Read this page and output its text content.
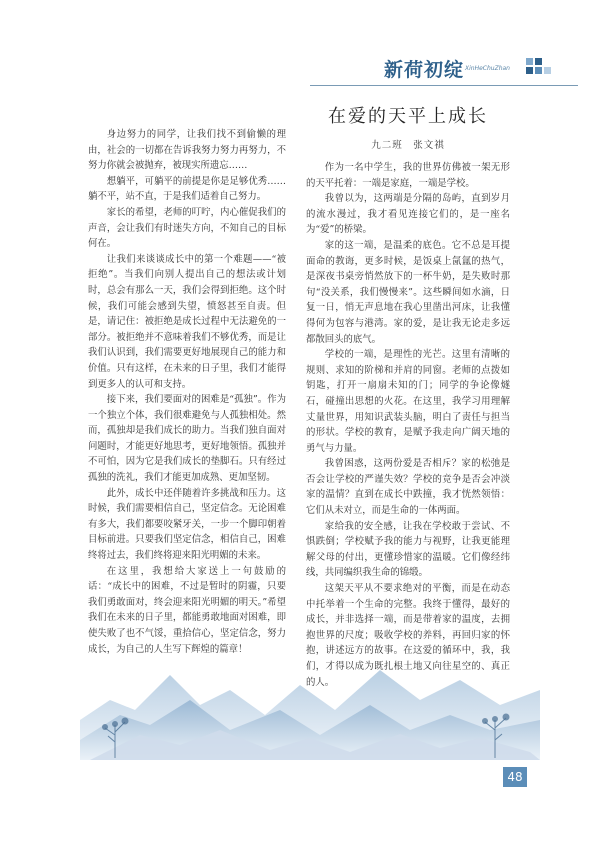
新荷初绽 XinHeChuZhan

身边努力的同学，让我们找不到偷懒的理由，社会的一切都在告诉我努力努力再努力，不努力你就会被抛弃，被现实所遗忘……

想躺平，可躺平的前提是你是足够优秀……躺不平，站不直，于是我们适着自己努力。

家长的希望，老师的叮咛，内心催促我们的声音，会让我们有时迷失方向，不知自己的目标何在。

让我们来谈谈成长中的第一个难题——“被拒绝”。当我们向别人提出自己的想法或计划时，总会有那么一天，我们会得到拒绝。这个时候，我们可能会感到失望，愤怒甚至自责。但是，请记住：被拒绝是成长过程中无法避免的一部分。被拒绝并不意味着我们不够优秀，而是让我们认识到，我们需要更好地展现自己的能力和价值。只有这样，在未来的日子里，我们才能得到更多人的认可和支持。

接下来，我们要面对的困难是“孤独”。作为一个独立个体，我们很难避免与人孤独相处。然而，孤独却是我们成长的助力。当我们独自面对问题时，才能更好地思考，更好地领悟。孤独并不可怕，因为它是我们成长的垫脚石。只有经过孤独的洗礼，我们才能更加成熟、更加坚韧。

此外，成长中还伴随着许多挑战和压力。这时候，我们需要相信自己，坚定信念。无论困难有多大，我们都要咬紧牙关，一步一个脚印朝着目标前进。只要我们坚定信念，相信自己，困难终将过去，我们终将迎来阳光明媚的未来。

在这里，我想给大家送上一句鼓励的话：“成长中的困难，不过是暂时的阴霾，只要我们勇敢面对，终会迎来阳光明媚的明天。”希望我们在未来的日子里，都能勇敢地面对困难，即使失败了也不气馁，重拾信心，坚定信念，努力成长，为自己的人生写下辉煌的篇章！

在爱的天平上成长
九二班　张文祺

作为一名中学生，我的世界仿佛被一架无形的天平托着：一端是家庭，一端是学校。

我曾以为，这两端是分隔的岛屿，直到岁月的流水漫过，我才看见连接它们的，是一座名为“爱”的桥梁。

家的这一端，是温柔的底色。它不总是耳提面命的教诲，更多时候，是饭桌上氤氲的热气，是深夜书桌旁悄然放下的一杯牛奶，是失败时那句“没关系，我们慢慢来”。这些瞬间如水滴，日复一日，悄无声息地在我心里凿出河床，让我懂得何为包容与港湾。家的爱，是让我无论走多远都散回头的底气。

学校的一端，是理性的光芒。这里有清晰的规则、求知的阶梯和并肩的同窗。老师的点拨如钥匙，打开一扇扇未知的门；同学的争论像燧石，碰撞出思想的火花。在这里，我学习用理解丈量世界，用知识武装头脑，明白了责任与担当的形状。学校的教育，是赋予我走向广阔天地的勇气与力量。

我曾困惑，这两份爱是否相斥？家的松弛是否会让学校的严谨失效？学校的竞争是否会冲淡家的温情？直到在成长中跌撞，我才恍然领悟：它们从未对立，而是生命的一体两面。

家给我的安全感，让我在学校敢于尝试、不惧跌倒；学校赋予我的能力与视野，让我更能理解父母的付出，更懂珍惜家的温暖。它们像经纬线，共同编织我生命的锦缎。

这架天平从不要求绝对的平衡，而是在动态中托举着一个生命的完整。我终于懂得，最好的成长，并非选择一端，而是带着家的温度，去拥抱世界的尺度；吸收学校的养料，再回归家的怀抱，讲述远方的故事。在这爱的循环中，我，我们，才得以成为既扎根土地又向往星空的、真正的人。

48
